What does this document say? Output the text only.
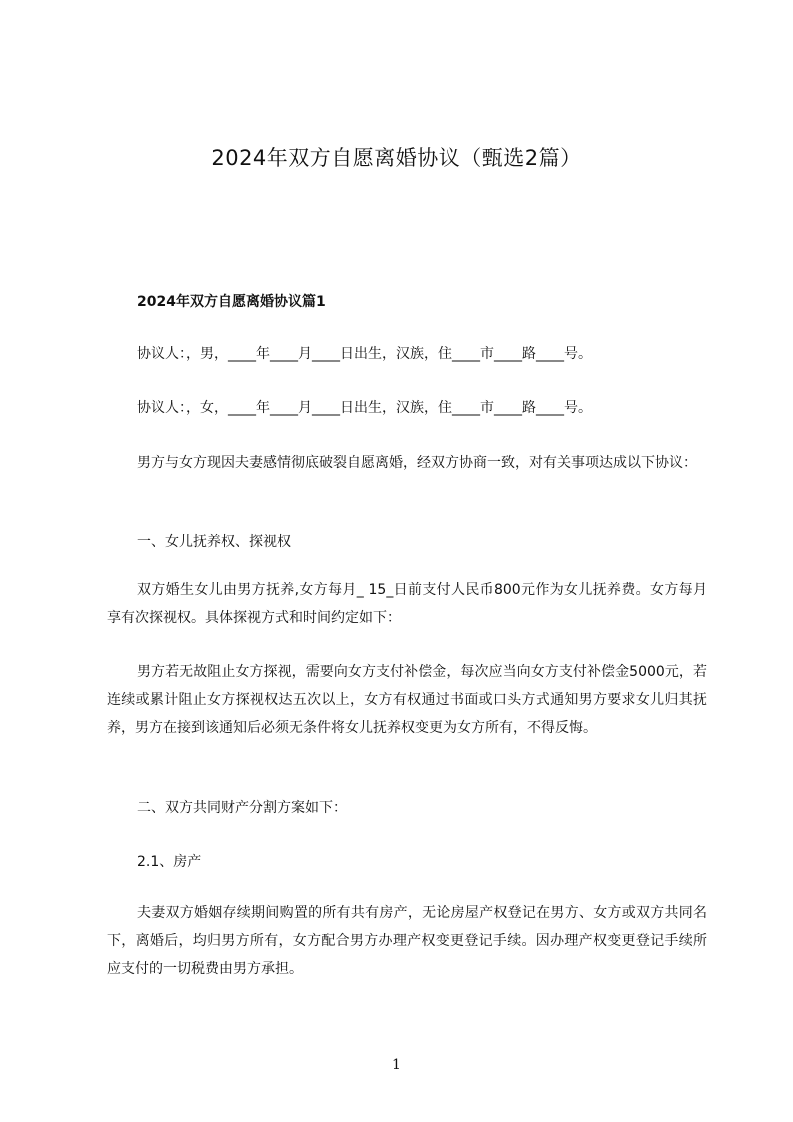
2024年双方自愿离婚协议（甄选2篇）
2024年双方自愿离婚协议篇1
协议人：，男，____年____月____日出生，汉族，住____市____路____号。
协议人：，女，____年____月____日出生，汉族，住____市____路____号。
男方与女方现因夫妻感情彻底破裂自愿离婚，经双方协商一致，对有关事项达成以下协议：
一、女儿抚养权、探视权
双方婚生女儿由男方抚养,女方每月_ 15_日前支付人民币800元作为女儿抚养费。女方每月享有次探视权。具体探视方式和时间约定如下：
男方若无故阻止女方探视，需要向女方支付补偿金，每次应当向女方支付补偿金5000元，若连续或累计阻止女方探视权达五次以上，女方有权通过书面或口头方式通知男方要求女儿归其抚养，男方在接到该通知后必须无条件将女儿抚养权变更为女方所有，不得反悔。
二、双方共同财产分割方案如下：
2.1、房产
夫妻双方婚姻存续期间购置的所有共有房产，无论房屋产权登记在男方、女方或双方共同名下，离婚后，均归男方所有，女方配合男方办理产权变更登记手续。因办理产权变更登记手续所应支付的一切税费由男方承担。
1
